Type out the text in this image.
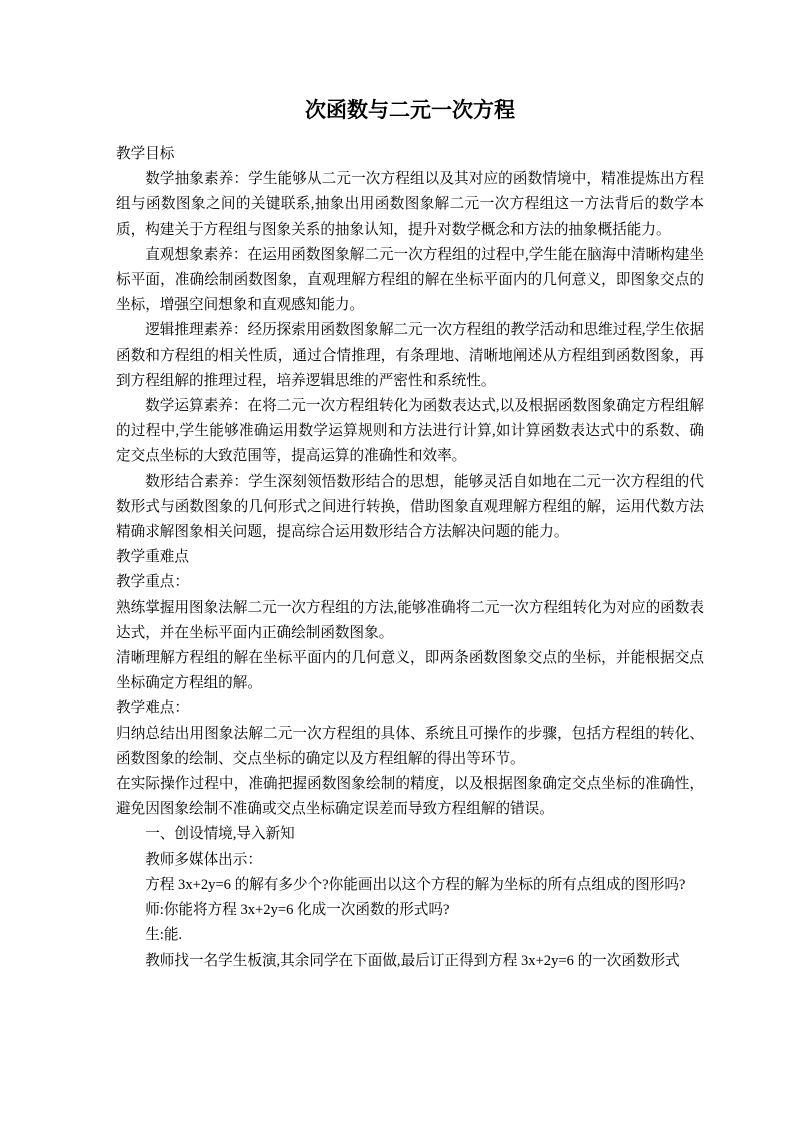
次函数与二元一次方程

教学目标

数学抽象素养：学生能够从二元一次方程组以及其对应的函数情境中，精准提炼出方程组与函数图象之间的关键联系,抽象出用函数图象解二元一次方程组这一方法背后的数学本质，构建关于方程组与图象关系的抽象认知，提升对数学概念和方法的抽象概括能力。

直观想象素养：在运用函数图象解二元一次方程组的过程中,学生能在脑海中清晰构建坐标平面，准确绘制函数图象，直观理解方程组的解在坐标平面内的几何意义，即图象交点的坐标，增强空间想象和直观感知能力。

逻辑推理素养：经历探索用函数图象解二元一次方程组的教学活动和思维过程,学生依据函数和方程组的相关性质，通过合情推理，有条理地、清晰地阐述从方程组到函数图象，再到方程组解的推理过程，培养逻辑思维的严密性和系统性。

数学运算素养：在将二元一次方程组转化为函数表达式,以及根据函数图象确定方程组解的过程中,学生能够准确运用数学运算规则和方法进行计算,如计算函数表达式中的系数、确定交点坐标的大致范围等，提高运算的准确性和效率。

数形结合素养：学生深刻领悟数形结合的思想，能够灵活自如地在二元一次方程组的代数形式与函数图象的几何形式之间进行转换，借助图象直观理解方程组的解，运用代数方法精确求解图象相关问题，提高综合运用数形结合方法解决问题的能力。

教学重难点

教学重点：

熟练掌握用图象法解二元一次方程组的方法,能够准确将二元一次方程组转化为对应的函数表达式，并在坐标平面内正确绘制函数图象。

清晰理解方程组的解在坐标平面内的几何意义，即两条函数图象交点的坐标，并能根据交点坐标确定方程组的解。

教学难点：

归纳总结出用图象法解二元一次方程组的具体、系统且可操作的步骤，包括方程组的转化、函数图象的绘制、交点坐标的确定以及方程组解的得出等环节。

在实际操作过程中，准确把握函数图象绘制的精度，以及根据图象确定交点坐标的准确性，避免因图象绘制不准确或交点坐标确定误差而导致方程组解的错误。

一、创设情境,导入新知

教师多媒体出示：

方程 3x+2y=6 的解有多少个?你能画出以这个方程的解为坐标的所有点组成的图形吗?

师:你能将方程 3x+2y=6 化成一次函数的形式吗?

生:能.

教师找一名学生板演,其余同学在下面做,最后订正得到方程 3x+2y=6 的一次函数形式
